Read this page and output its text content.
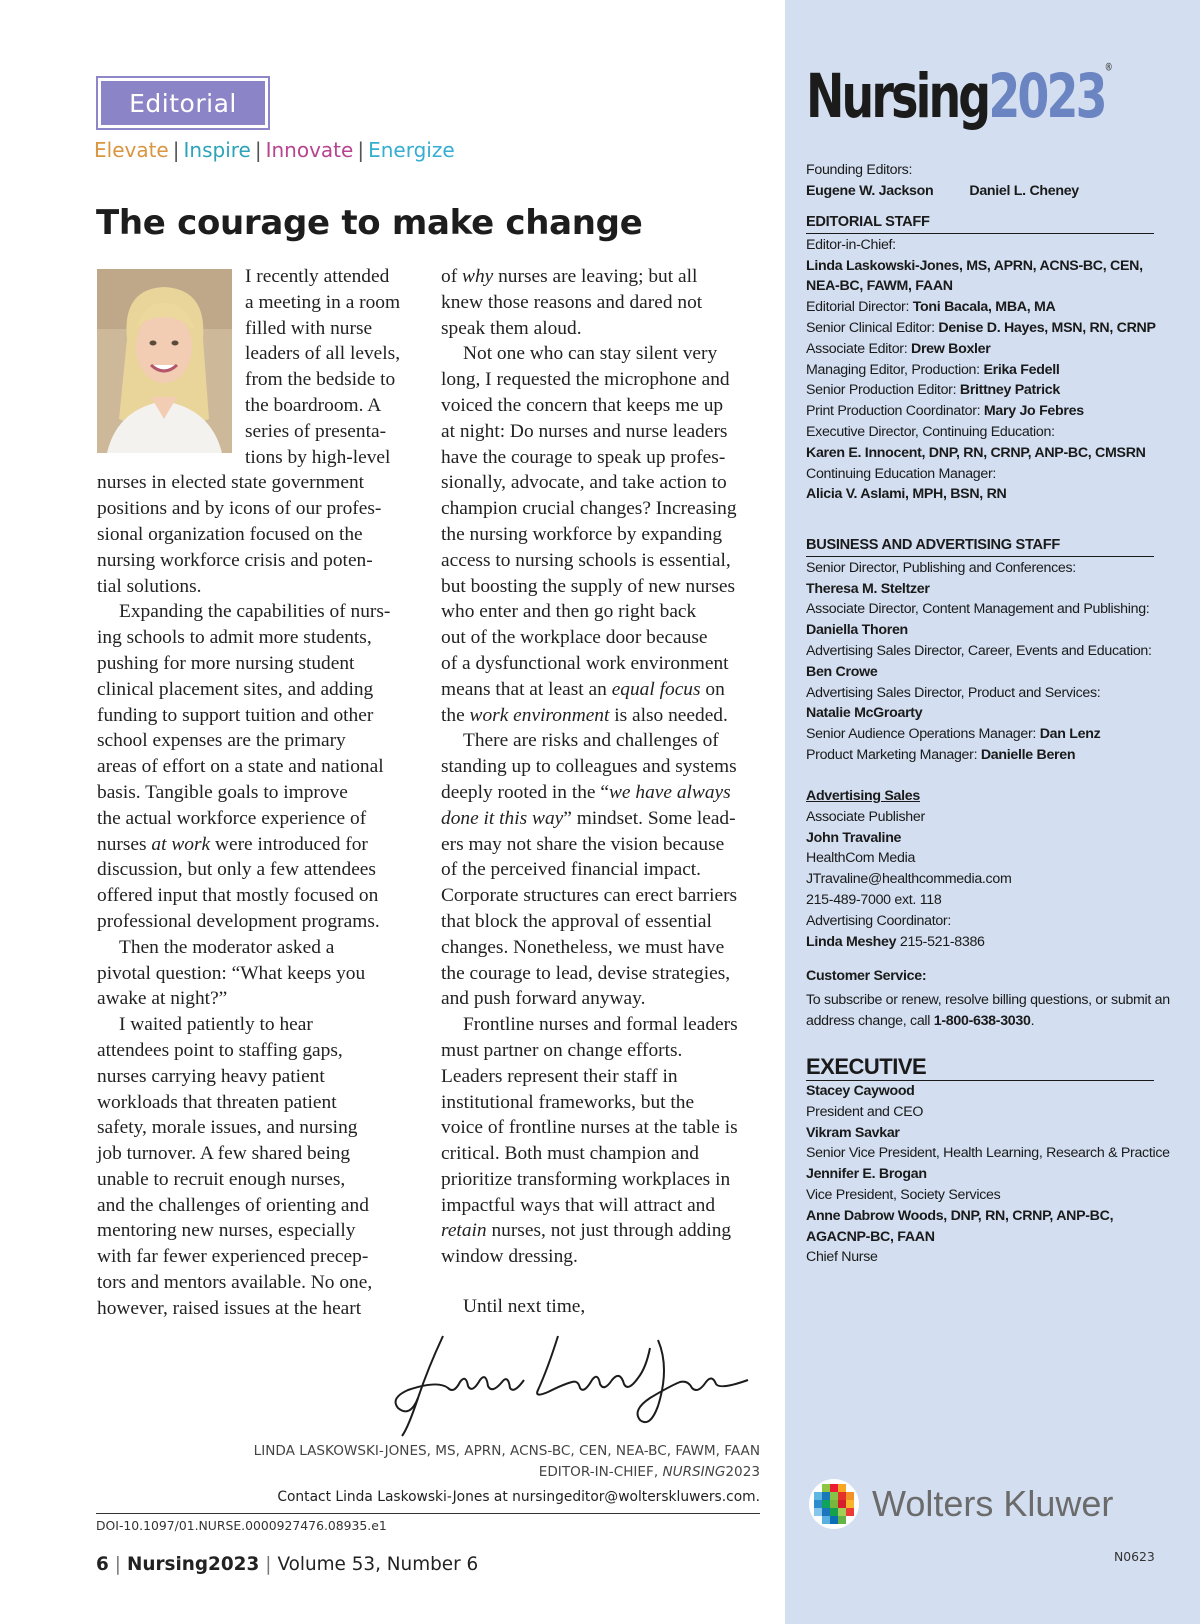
Editorial
Elevate | Inspire | Innovate | Energize
The courage to make change

I recently attended
a meeting in a room
filled with nurse
leaders of all levels,
from the bedside to
the boardroom. A
series of presenta-
tions by high-level
nurses in elected state government
positions and by icons of our profes-
sional organization focused on the
nursing workforce crisis and poten-
tial solutions.

Expanding the capabilities of nurs-
ing schools to admit more students,
pushing for more nursing student
clinical placement sites, and adding
funding to support tuition and other
school expenses are the primary
areas of effort on a state and national
basis. Tangible goals to improve
the actual workforce experience of
nurses at work were introduced for
discussion, but only a few attendees
offered input that mostly focused on
professional development programs.

Then the moderator asked a
pivotal question: “What keeps you
awake at night?”

I waited patiently to hear
attendees point to staffing gaps,
nurses carrying heavy patient
workloads that threaten patient
safety, morale issues, and nursing
job turnover. A few shared being
unable to recruit enough nurses,
and the challenges of orienting and
mentoring new nurses, especially
with far fewer experienced precep-
tors and mentors available. No one,
however, raised issues at the heart

of why nurses are leaving; but all
knew those reasons and dared not
speak them aloud.

Not one who can stay silent very
long, I requested the microphone and
voiced the concern that keeps me up
at night: Do nurses and nurse leaders
have the courage to speak up profes-
sionally, advocate, and take action to
champion crucial changes? Increasing
the nursing workforce by expanding
access to nursing schools is essential,
but boosting the supply of new nurses
who enter and then go right back
out of the workplace door because
of a dysfunctional work environment
means that at least an equal focus on
the work environment is also needed.

There are risks and challenges of
standing up to colleagues and systems
deeply rooted in the “we have always
done it this way” mindset. Some lead-
ers may not share the vision because
of the perceived financial impact.
Corporate structures can erect barriers
that block the approval of essential
changes. Nonetheless, we must have
the courage to lead, devise strategies,
and push forward anyway.

Frontline nurses and formal leaders
must partner on change efforts.
Leaders represent their staff in
institutional frameworks, but the
voice of frontline nurses at the table is
critical. Both must champion and
prioritize transforming workplaces in
impactful ways that will attract and
retain nurses, not just through adding
window dressing.

Until next time,
LINDA LASKOWSKI-JONES, MS, APRN, ACNS-BC, CEN, NEA-BC, FAWM, FAAN
EDITOR-IN-CHIEF, NURSING2023
Contact Linda Laskowski-Jones at nursingeditor@wolterskluwers.com.
DOI-10.1097/01.NURSE.0000927476.08935.e1
6 | Nursing2023 | Volume 53, Number 6
Nursing2023®
Founding Editors:
Eugene W. Jackson	Daniel L. Cheney
EDITORIAL STAFF
Editor-in-Chief:
Linda Laskowski-Jones, MS, APRN, ACNS-BC, CEN,
NEA-BC, FAWM, FAAN
Editorial Director: Toni Bacala, MBA, MA
Senior Clinical Editor: Denise D. Hayes, MSN, RN, CRNP
Associate Editor: Drew Boxler
Managing Editor, Production: Erika Fedell
Senior Production Editor: Brittney Patrick
Print Production Coordinator: Mary Jo Febres
Executive Director, Continuing Education:
Karen E. Innocent, DNP, RN, CRNP, ANP-BC, CMSRN
Continuing Education Manager:
Alicia V. Aslami, MPH, BSN, RN
BUSINESS AND ADVERTISING STAFF
Senior Director, Publishing and Conferences:
Theresa M. Steltzer
Associate Director, Content Management and Publishing:
Daniella Thoren
Advertising Sales Director, Career, Events and Education:
Ben Crowe
Advertising Sales Director, Product and Services:
Natalie McGroarty
Senior Audience Operations Manager: Dan Lenz
Product Marketing Manager: Danielle Beren
Advertising Sales
Associate Publisher
John Travaline
HealthCom Media
JTravaline@healthcommedia.com
215-489-7000 ext. 118
Advertising Coordinator:
Linda Meshey 215-521-8386
Customer Service:
To subscribe or renew, resolve billing questions, or submit an
address change, call 1-800-638-3030.
EXECUTIVE
Stacey Caywood
President and CEO
Vikram Savkar
Senior Vice President, Health Learning, Research & Practice
Jennifer E. Brogan
Vice President, Society Services
Anne Dabrow Woods, DNP, RN, CRNP, ANP-BC,
AGACNP-BC, FAAN
Chief Nurse
Wolters Kluwer
N0623
